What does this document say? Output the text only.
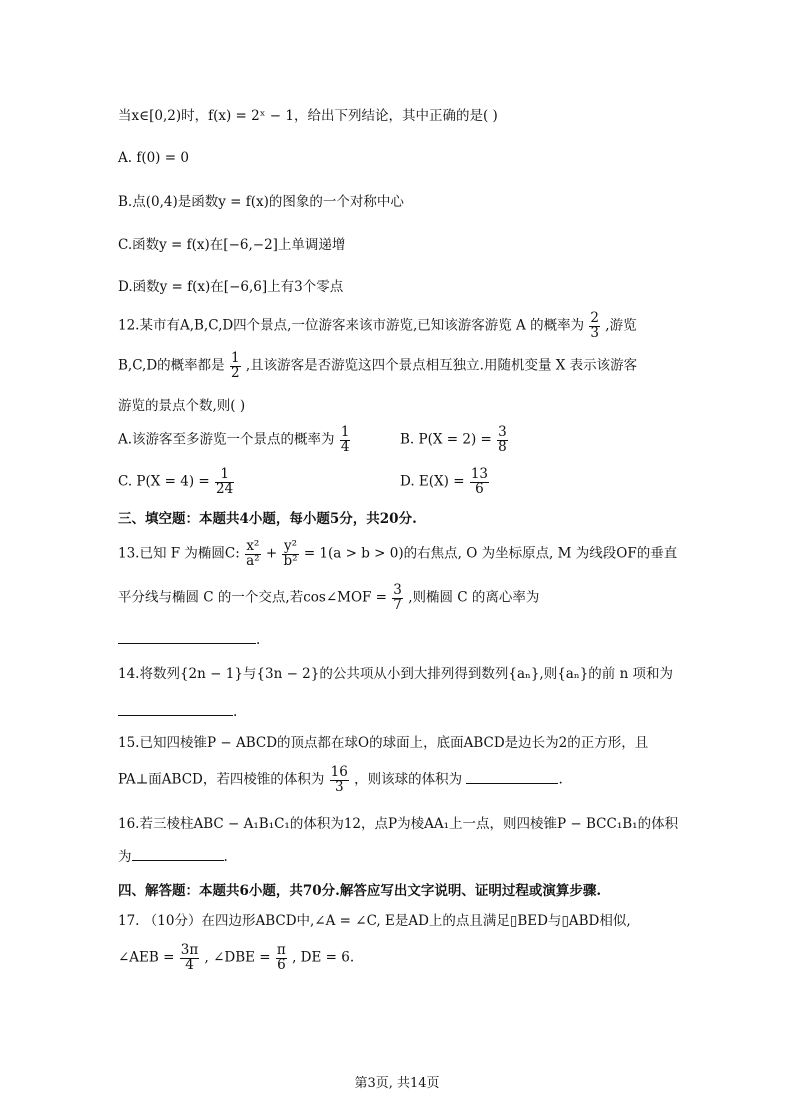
当x∈[0,2)时，f(x) = 2ˣ − 1，给出下列结论，其中正确的是( )
A. f(0) = 0
B.点(0,4)是函数y = f(x)的图象的一个对称中心
C.函数y = f(x)在[−6,−2]上单调递增
D.函数y = f(x)在[−6,6]上有3个零点
12.某市有A,B,C,D四个景点,一位游客来该市游览,已知该游客游览 A 的概率为 $\frac{2}{3}$ ,游览
B,C,D的概率都是 $\frac{1}{2}$ ,且该游客是否游览这四个景点相互独立.用随机变量 X 表示该游客
游览的景点个数,则( )
A.该游客至多游览一个景点的概率为 $\frac{1}{4}$	B. $P(X = 2) = \frac{3}{8}$
C. $P(X = 4) = \frac{1}{24}$	D. $E(X) = \frac{13}{6}$
三、填空题：本题共4小题，每小题5分，共20分.
13.已知 F 为椭圆C: $\frac{\text{x²}}{\text{a²}} + \frac{\text{y²}}{\text{b²}} = 1(a > b > 0)$的右焦点, O 为坐标原点, M 为线段OF的垂直
平分线与椭圆 C 的一个交点,若cos∠MOF = $\frac{3}{7}$ ,则椭圆 C 的离心率为
.
14.将数列{2n − 1}与{3n − 2}的公共项从小到大排列得到数列{aₙ},则{aₙ}的前 n 项和为
.
15.已知四棱锥P − ABCD的顶点都在球O的球面上，底面ABCD是边长为2的正方形，且
PA⊥面ABCD，若四棱锥的体积为 $\frac{16}{3}$ ，则该球的体积为	.
16.若三棱柱ABC − A₁B₁C₁的体积为12，点P为棱AA₁上一点，则四棱锥P − BCC₁B₁的体积
为	.
四、解答题：本题共6小题，共70分.解答应写出文字说明、证明过程或演算步骤.
17. （10分）在四边形ABCD中,∠A = ∠C, E是AD上的点且满足▯BED与▯ABD相似,
∠AEB = $\frac{3\pi}{4}$ , ∠DBE = $\frac{\pi}{6}$ , DE = 6.
第3页, 共14页
